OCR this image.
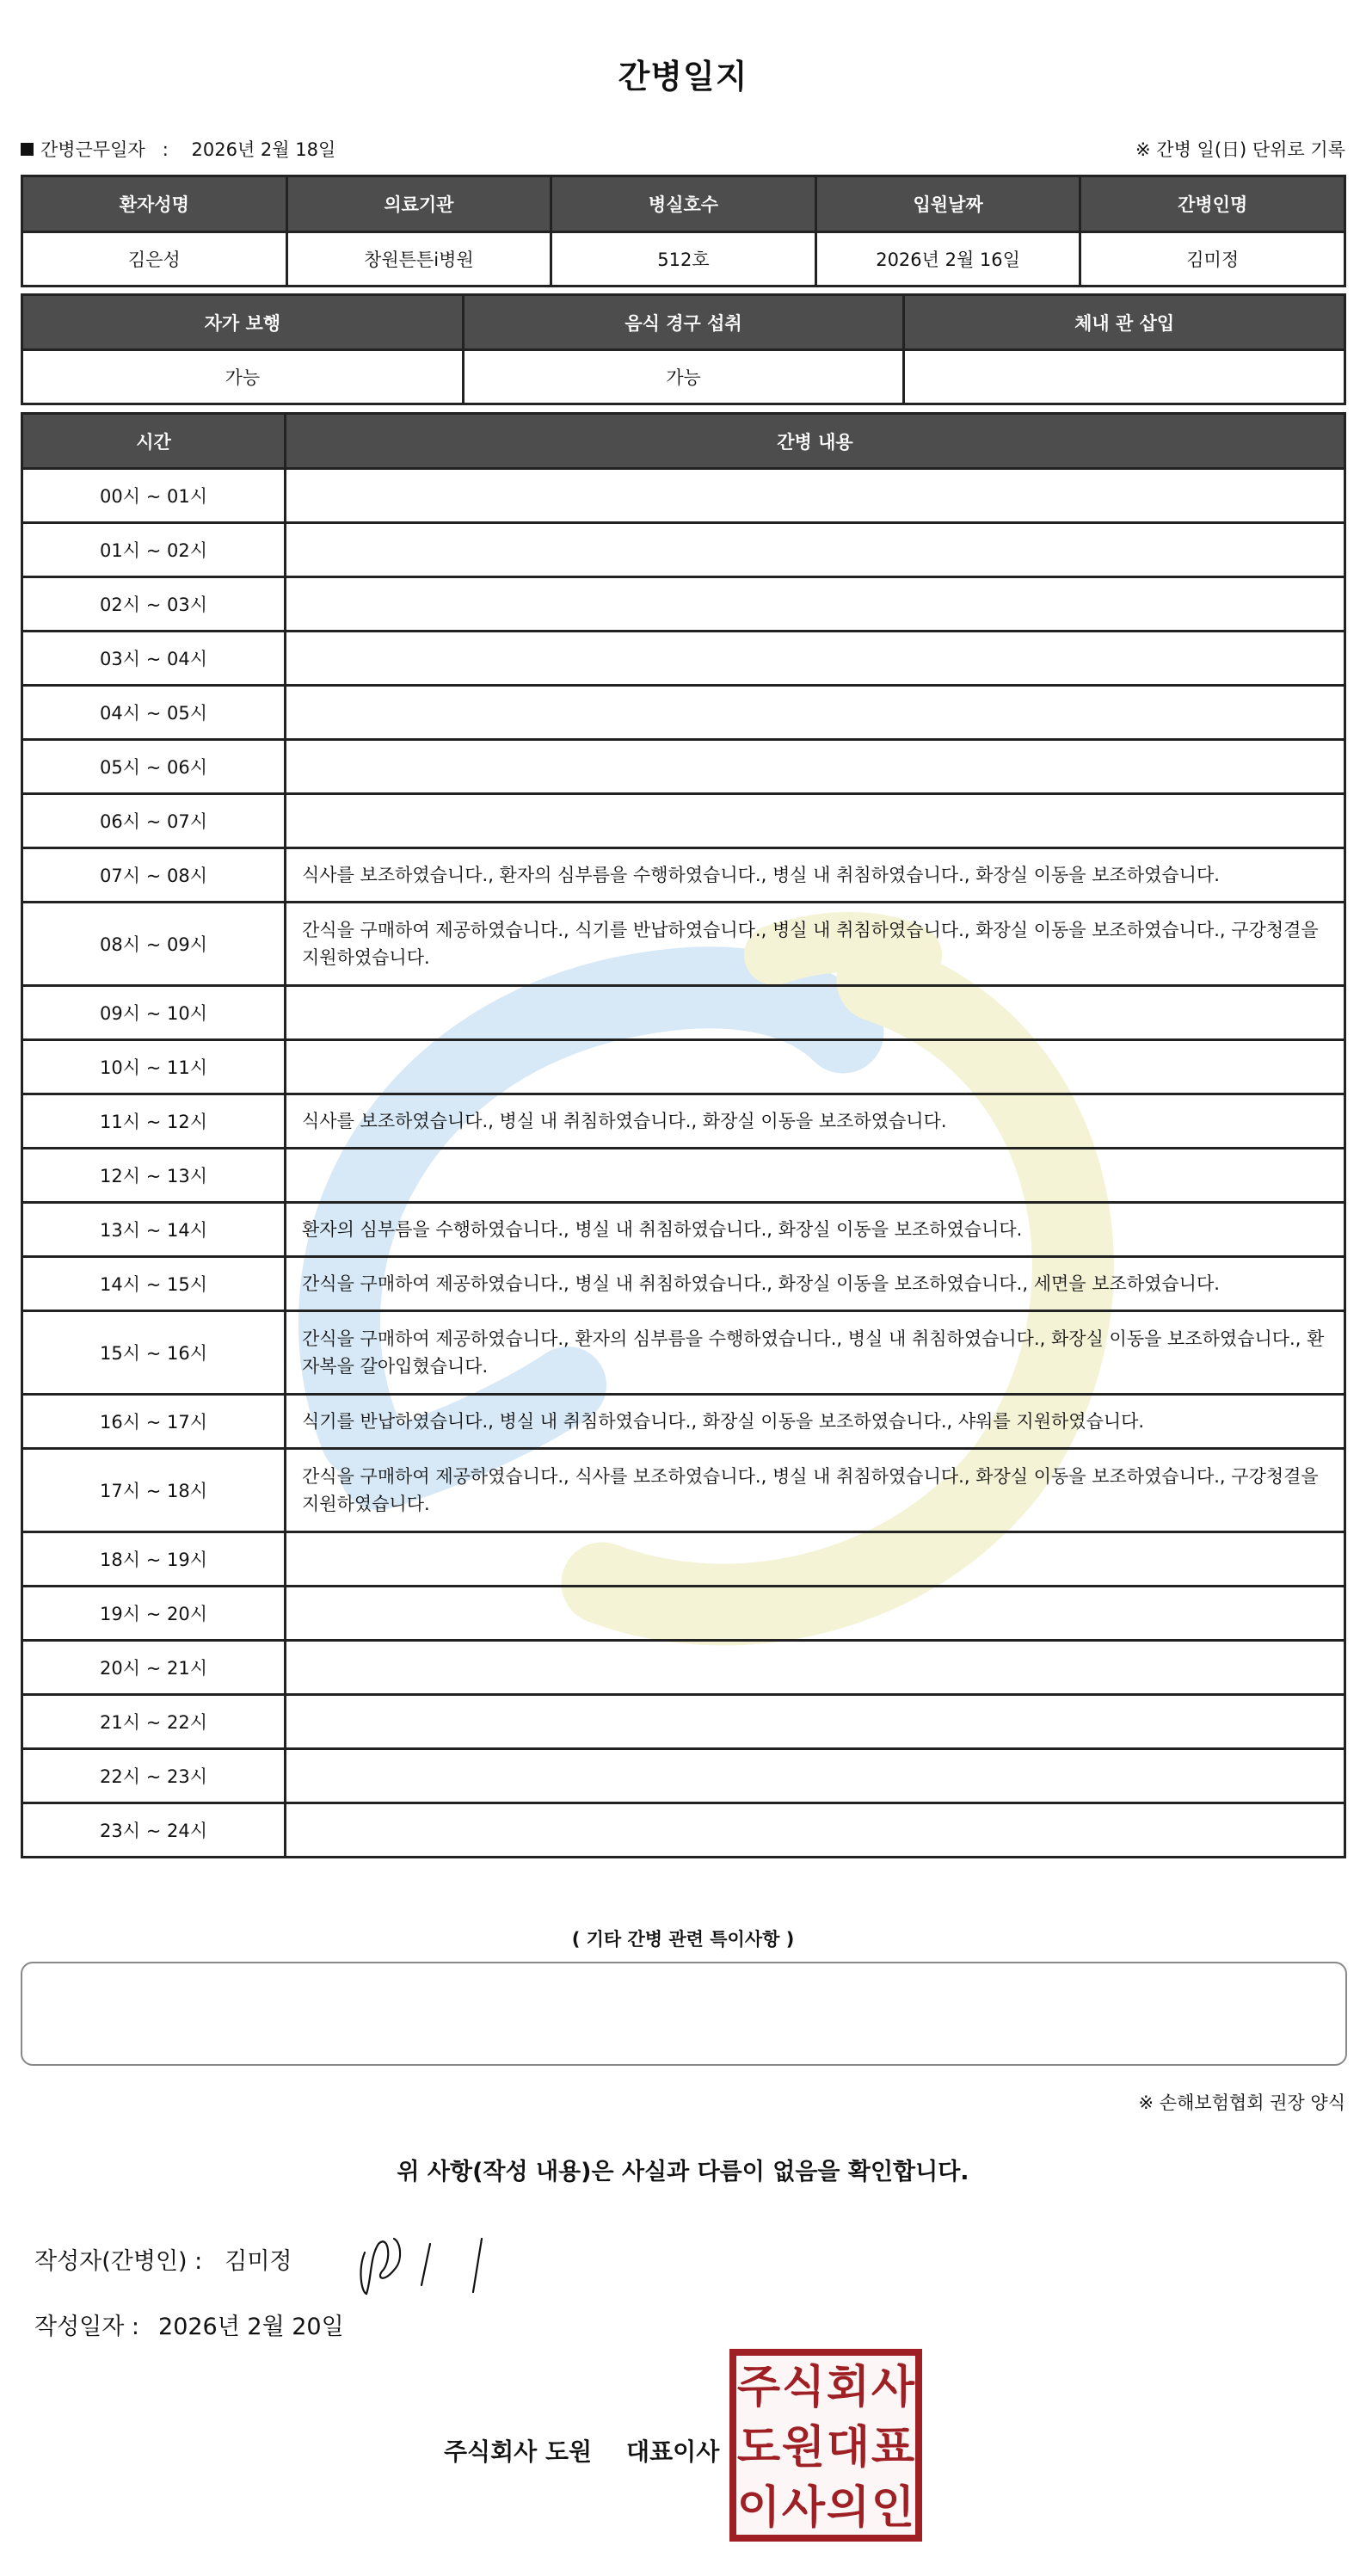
간병일지
간병근무일자 : 2026년 2월 18일	※ 간병 일(日) 단위로 기록
환자성명	의료기관	병실호수	입원날짜	간병인명
김은성	창원튼튼i병원	512호	2026년 2월 16일	김미정
자가 보행	음식 경구 섭취	체내 관 삽입
가능	가능	
시간	간병 내용
00시 ~ 01시	
01시 ~ 02시	
02시 ~ 03시	
03시 ~ 04시	
04시 ~ 05시	
05시 ~ 06시	
06시 ~ 07시	
07시 ~ 08시	식사를 보조하였습니다., 환자의 심부름을 수행하였습니다., 병실 내 취침하였습니다., 화장실 이동을 보조하였습니다.
08시 ~ 09시	간식을 구매하여 제공하였습니다., 식기를 반납하였습니다., 병실 내 취침하였습니다., 화장실 이동을 보조하였습니다., 구강청결을 지원하였습니다.
09시 ~ 10시	
10시 ~ 11시	
11시 ~ 12시	식사를 보조하였습니다., 병실 내 취침하였습니다., 화장실 이동을 보조하였습니다.
12시 ~ 13시	
13시 ~ 14시	환자의 심부름을 수행하였습니다., 병실 내 취침하였습니다., 화장실 이동을 보조하였습니다.
14시 ~ 15시	간식을 구매하여 제공하였습니다., 병실 내 취침하였습니다., 화장실 이동을 보조하였습니다., 세면을 보조하였습니다.
15시 ~ 16시	간식을 구매하여 제공하였습니다., 환자의 심부름을 수행하였습니다., 병실 내 취침하였습니다., 화장실 이동을 보조하였습니다., 환자복을 갈아입혔습니다.
16시 ~ 17시	식기를 반납하였습니다., 병실 내 취침하였습니다., 화장실 이동을 보조하였습니다., 샤워를 지원하였습니다.
17시 ~ 18시	간식을 구매하여 제공하였습니다., 식사를 보조하였습니다., 병실 내 취침하였습니다., 화장실 이동을 보조하였습니다., 구강청결을 지원하였습니다.
18시 ~ 19시	
19시 ~ 20시	
20시 ~ 21시	
21시 ~ 22시	
22시 ~ 23시	
23시 ~ 24시	
( 기타 간병 관련 특이사항 )
※ 손해보험협회 권장 양식
위 사항(작성 내용)은 사실과 다름이 없음을 확인합니다.
작성자(간병인) : 김미정
작성일자 : 2026년 2월 20일
주식회사 도원 대표이사
주 식 회 사
도 원 대 표
이 사 의 인
